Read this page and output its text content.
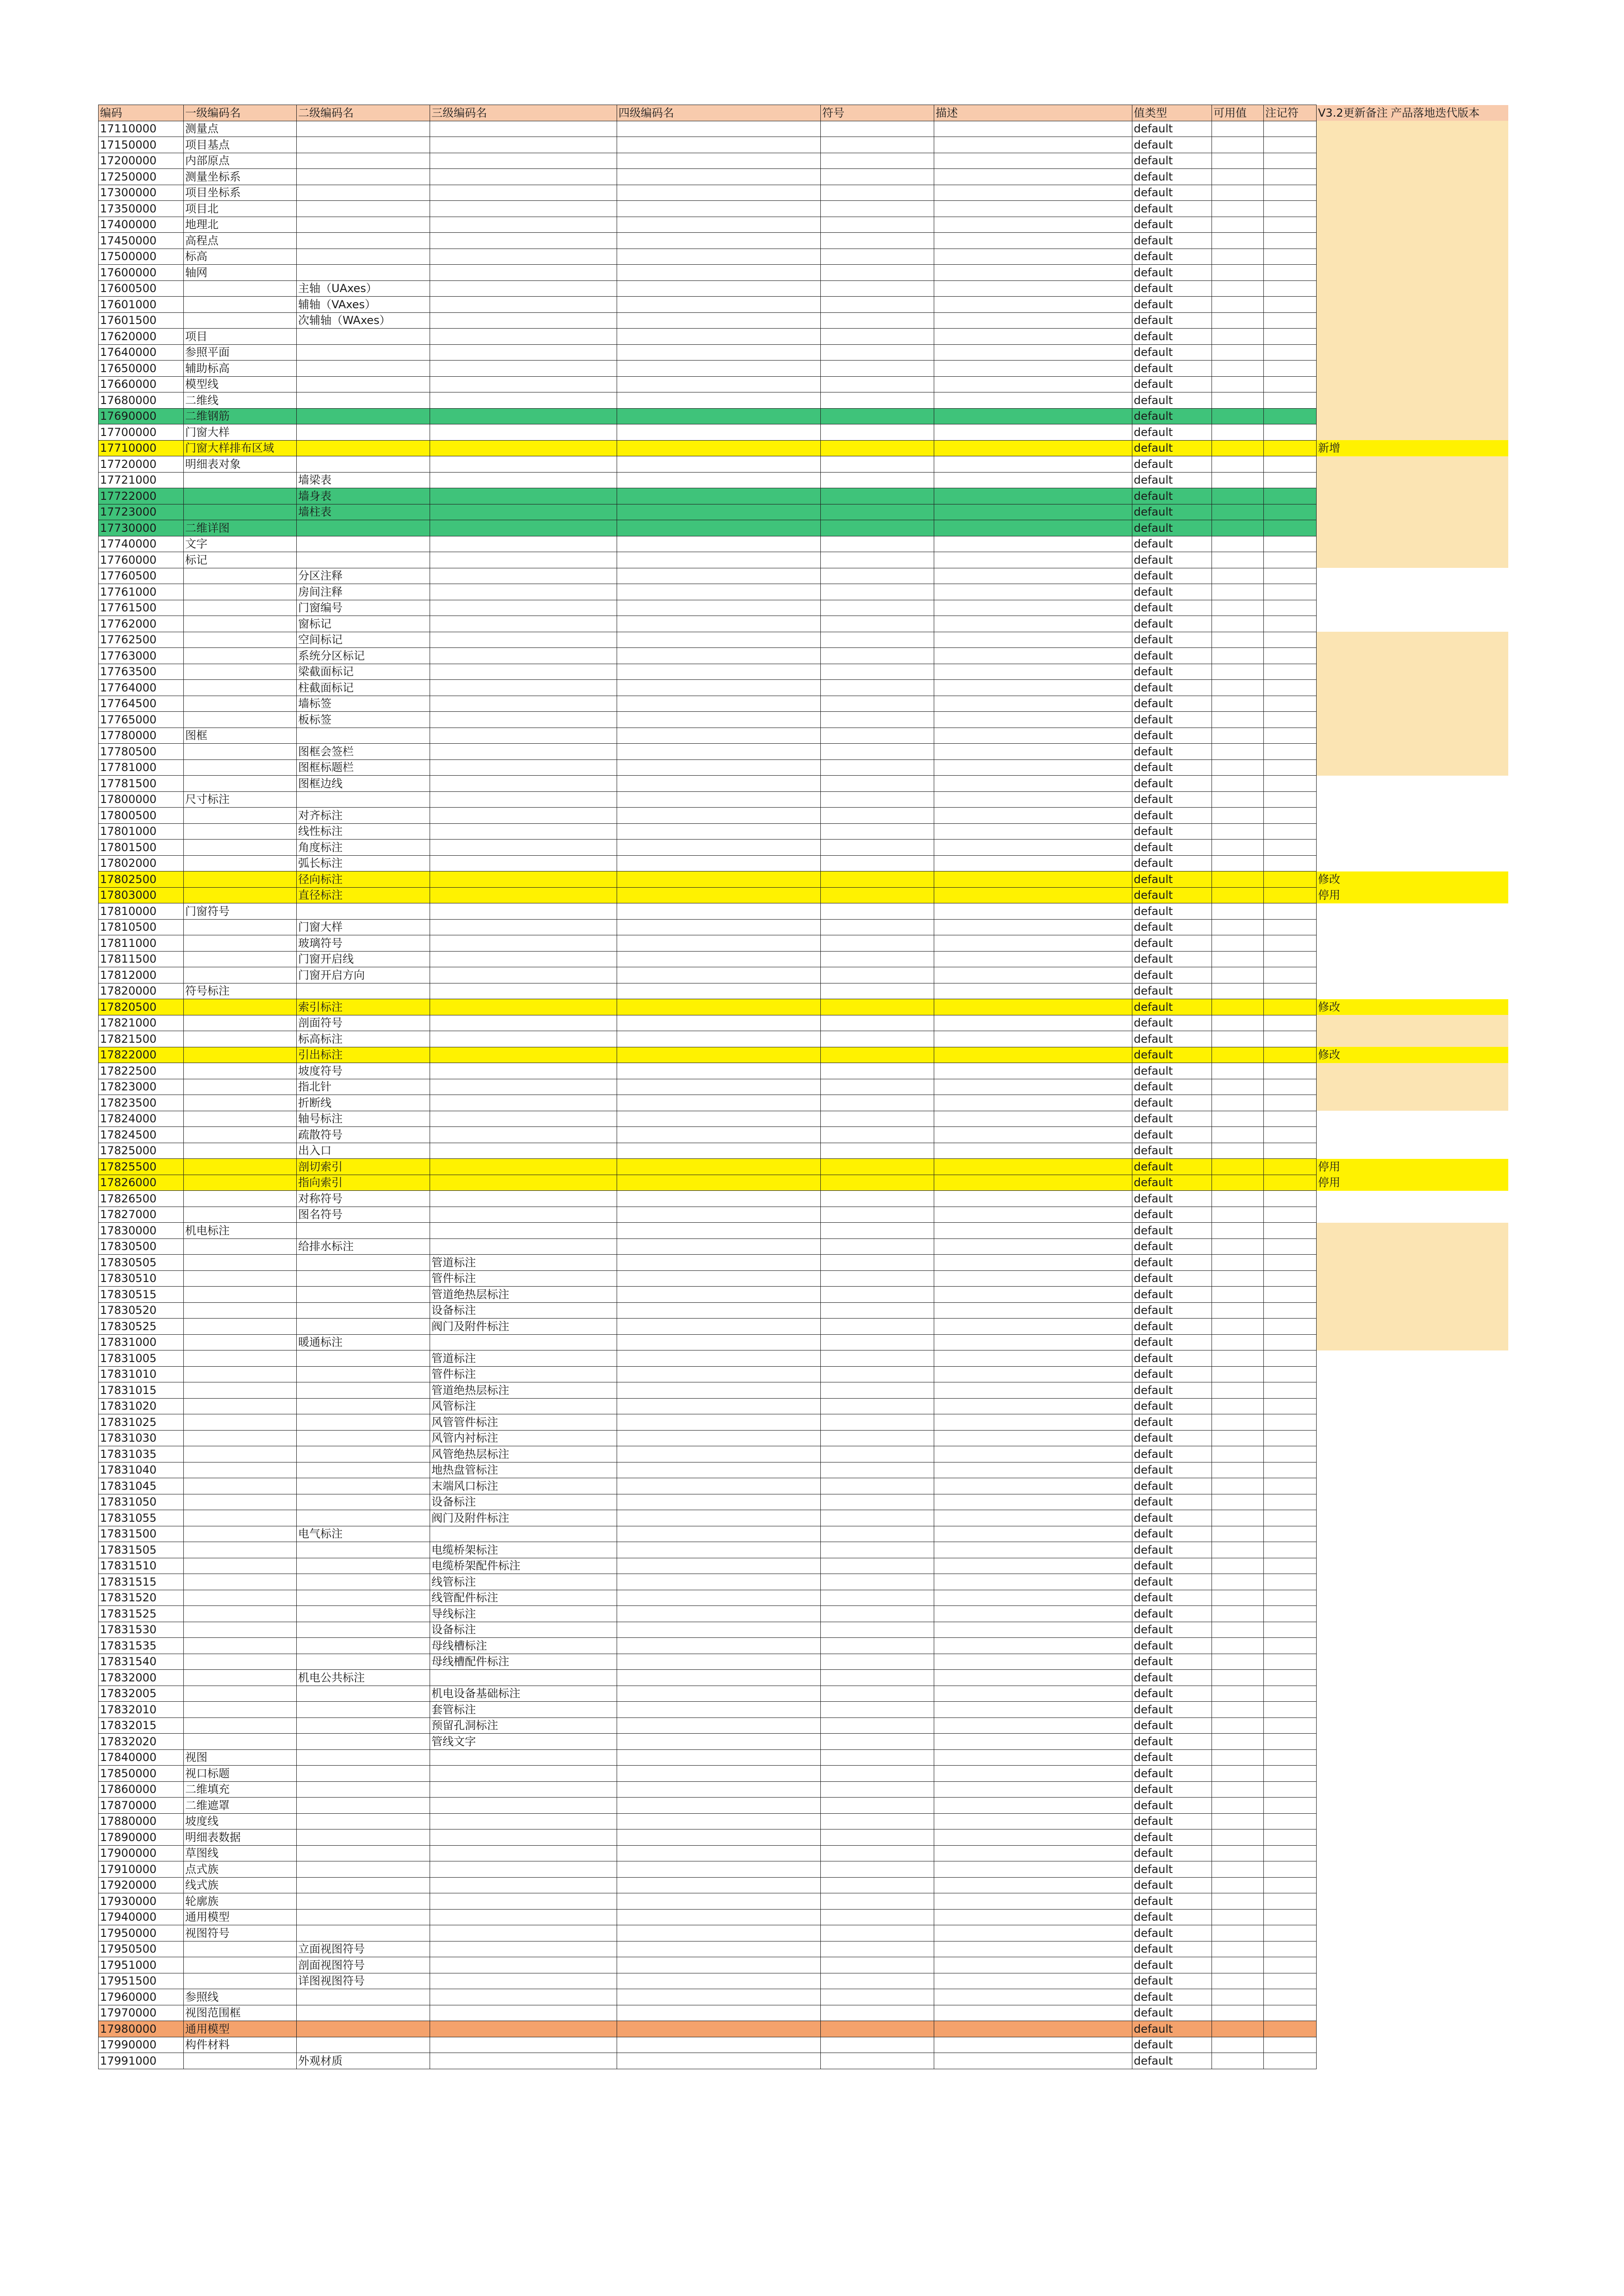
编码	一级编码名	二级编码名	三级编码名	四级编码名	符号	描述	值类型	可用值	注记符	V3.2更新备注	产品落地迭代版本
17110000	测量点						default				
17150000	项目基点						default				
17200000	内部原点						default				
17250000	测量坐标系						default				
17300000	项目坐标系						default				
17350000	项目北						default				
17400000	地理北						default				
17450000	高程点						default				
17500000	标高						default				
17600000	轴网						default				
17600500		主轴（UAxes）					default				
17601000		辅轴（VAxes）					default				
17601500		次辅轴（WAxes）					default				
17620000	项目						default				
17640000	参照平面						default				
17650000	辅助标高						default				
17660000	模型线						default				
17680000	二维线						default				
17690000	二维钢筋						default				
17700000	门窗大样						default				
17710000	门窗大样排布区域						default			新增	
17720000	明细表对象						default				
17721000		墙梁表					default				
17722000		墙身表					default				
17723000		墙柱表					default				
17730000	二维详图						default				
17740000	文字						default				
17760000	标记						default				
17760500		分区注释					default				
17761000		房间注释					default				
17761500		门窗编号					default				
17762000		窗标记					default				
17762500		空间标记					default				
17763000		系统分区标记					default				
17763500		梁截面标记					default				
17764000		柱截面标记					default				
17764500		墙标签					default				
17765000		板标签					default				
17780000	图框						default				
17780500		图框会签栏					default				
17781000		图框标题栏					default				
17781500		图框边线					default				
17800000	尺寸标注						default				
17800500		对齐标注					default				
17801000		线性标注					default				
17801500		角度标注					default				
17802000		弧长标注					default				
17802500		径向标注					default			修改	
17803000		直径标注					default			停用	
17810000	门窗符号						default				
17810500		门窗大样					default				
17811000		玻璃符号					default				
17811500		门窗开启线					default				
17812000		门窗开启方向					default				
17820000	符号标注						default				
17820500		索引标注					default			修改	
17821000		剖面符号					default				
17821500		标高标注					default				
17822000		引出标注					default			修改	
17822500		坡度符号					default				
17823000		指北针					default				
17823500		折断线					default				
17824000		轴号标注					default				
17824500		疏散符号					default				
17825000		出入口					default				
17825500		剖切索引					default			停用	
17826000		指向索引					default			停用	
17826500		对称符号					default				
17827000		图名符号					default				
17830000	机电标注						default				
17830500		给排水标注					default				
17830505			管道标注				default				
17830510			管件标注				default				
17830515			管道绝热层标注				default				
17830520			设备标注				default				
17830525			阀门及附件标注				default				
17831000		暖通标注					default				
17831005			管道标注				default				
17831010			管件标注				default				
17831015			管道绝热层标注				default				
17831020			风管标注				default				
17831025			风管管件标注				default				
17831030			风管内衬标注				default				
17831035			风管绝热层标注				default				
17831040			地热盘管标注				default				
17831045			末端风口标注				default				
17831050			设备标注				default				
17831055			阀门及附件标注				default				
17831500		电气标注					default				
17831505			电缆桥架标注				default				
17831510			电缆桥架配件标注				default				
17831515			线管标注				default				
17831520			线管配件标注				default				
17831525			导线标注				default				
17831530			设备标注				default				
17831535			母线槽标注				default				
17831540			母线槽配件标注				default				
17832000		机电公共标注					default				
17832005			机电设备基础标注				default				
17832010			套管标注				default				
17832015			预留孔洞标注				default				
17832020			管线文字				default				
17840000	视图						default				
17850000	视口标题						default				
17860000	二维填充						default				
17870000	二维遮罩						default				
17880000	坡度线						default				
17890000	明细表数据						default				
17900000	草图线						default				
17910000	点式族						default				
17920000	线式族						default				
17930000	轮廓族						default				
17940000	通用模型						default				
17950000	视图符号						default				
17950500		立面视图符号					default				
17951000		剖面视图符号					default				
17951500		详图视图符号					default				
17960000	参照线						default				
17970000	视图范围框						default				
17980000	通用模型						default				
17990000	构件材料						default				
17991000		外观材质					default				
